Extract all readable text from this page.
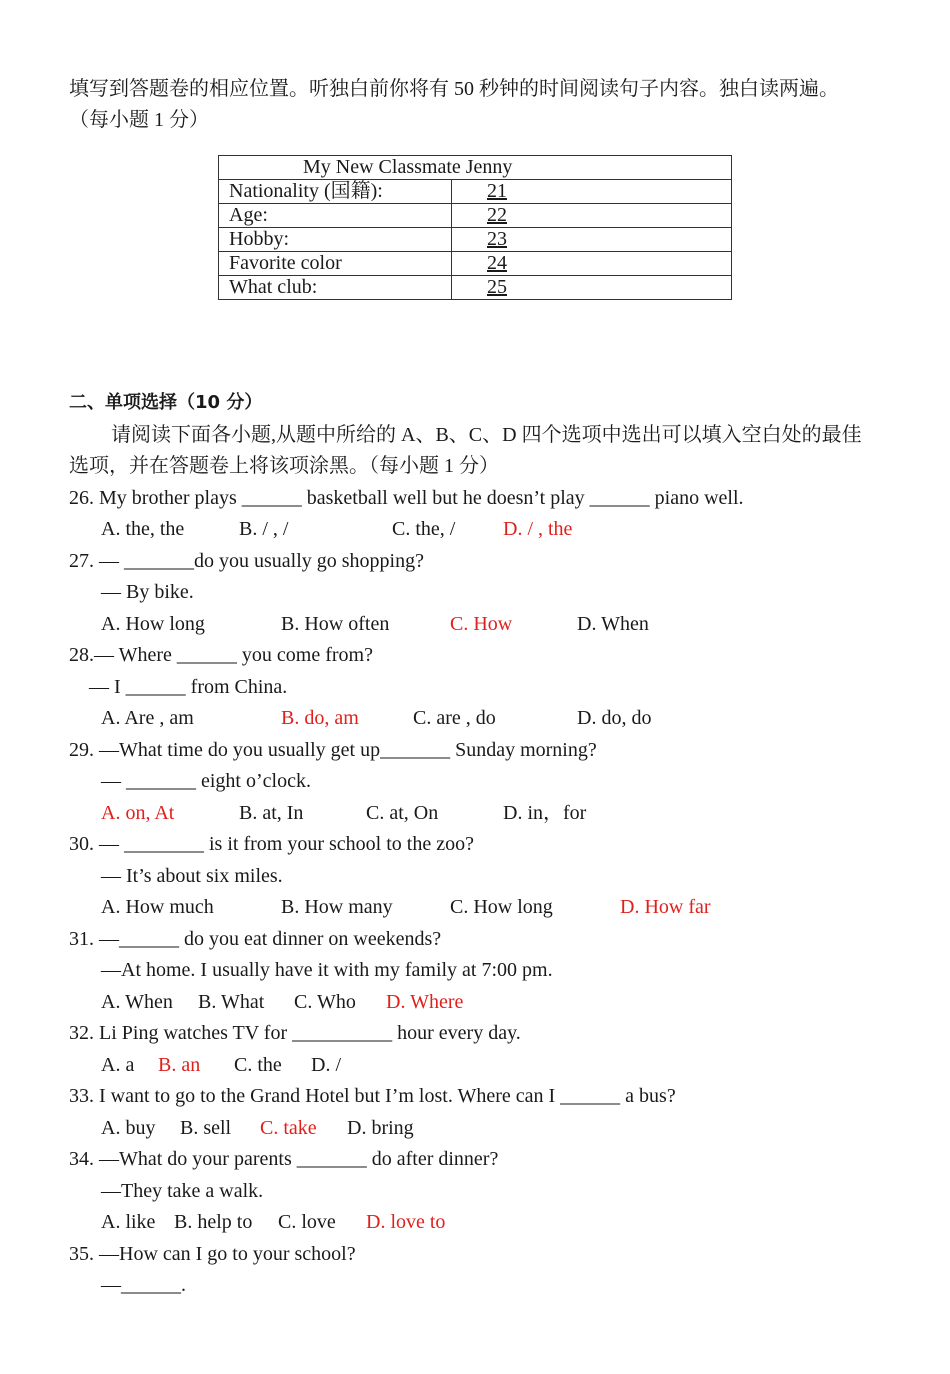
填写到答题卷的相应位置。听独白前你将有 50 秒钟的时间阅读句子内容。独白读两遍。
（每小题 1 分）
My New Classmate Jenny	
Nationality (国籍):	21
Age:	22
Hobby:	23
Favorite color	24
What club:	25
二、单项选择（10 分）
请阅读下面各小题,从题中所给的 A、B、C、D 四个选项中选出可以填入空白处的最佳
选项，并在答题卷上将该项涂黑。（每小题 1 分）
26. My brother plays ______ basketball well but he doesn’t play ______ piano well.
A. the, the	B. / , /	C. the, / D. / , the
27. — _______do you usually go shopping?
— By bike.
A. How long	B. How often	C. How	D. When
28.— Where ______ you come from?
— I ______ from China.
A. Are , am	B. do, am	C. are , do	D. do, do
29. —What time do you usually get up_______ Sunday morning?
— _______ eight o’clock.
A. on, At	B. at, In	C. at, On	D. in，for
30. — ________ is it from your school to the zoo?
— It’s about six miles.
A. How much	B. How many	C. How long	D. How far
31. —______ do you eat dinner on weekends?
—At home. I usually have it with my family at 7:00 pm.
A. When B. What C. Who D. Where
32. Li Ping watches TV for __________ hour every day.
A. a B. an C. the D. /
33. I want to go to the Grand Hotel but I’m lost. Where can I ______ a bus?
A. buy B. sell C. take D. bring
34. —What do your parents _______ do after dinner?
—They take a walk.
A. like B. help to C. love D. love to
35. —How can I go to your school?
—______.
